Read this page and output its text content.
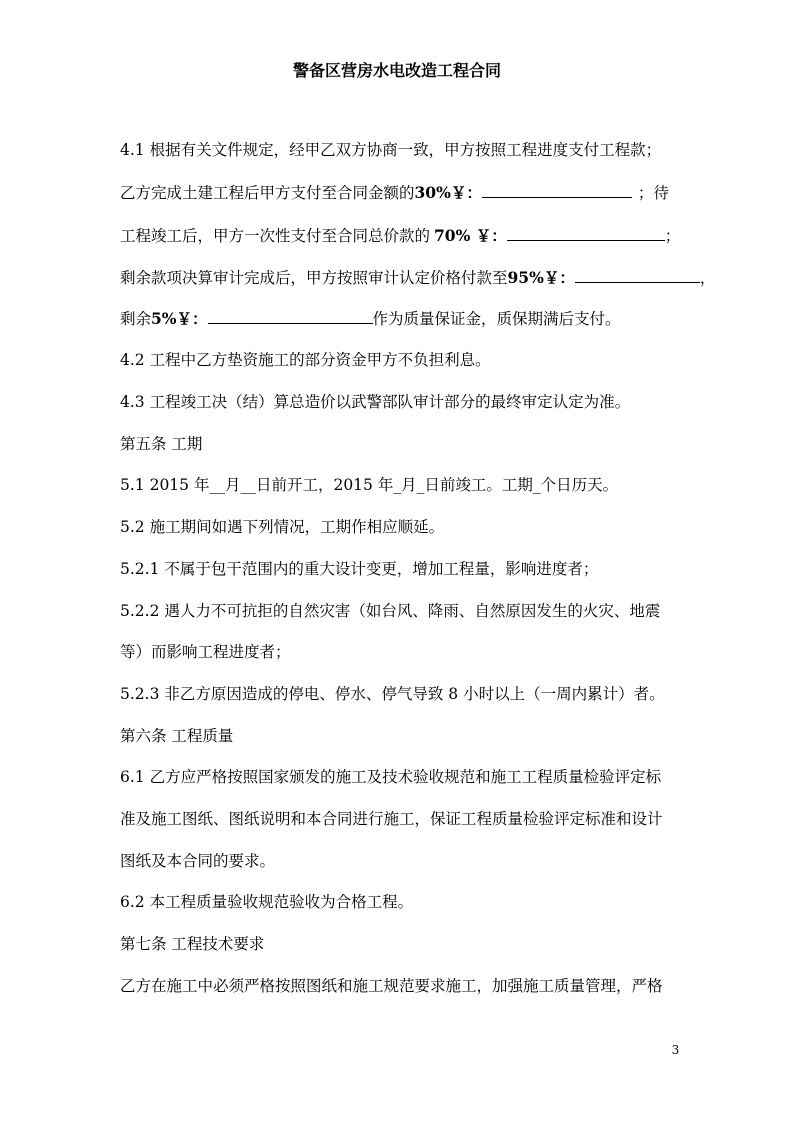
警备区营房水电改造工程合同
4.1 根据有关文件规定，经甲乙双方协商一致，甲方按照工程进度支付工程款；
乙方完成土建工程后甲方支付至合同金额的30%￥：	；待
工程竣工后，甲方一次性支付至合同总价款的 70% ￥：	；
剩余款项决算审计完成后，甲方按照审计认定价格付款至95%￥：	，
剩余5%￥：	作为质量保证金，质保期满后支付。
4.2 工程中乙方垫资施工的部分资金甲方不负担利息。
4.3 工程竣工决（结）算总造价以武警部队审计部分的最终审定认定为准。
第五条 工期
5.1 2015 年__月__日前开工，2015 年_月_日前竣工。工期_个日历天。
5.2 施工期间如遇下列情况，工期作相应顺延。
5.2.1 不属于包干范围内的重大设计变更，增加工程量，影响进度者；
5.2.2 遇人力不可抗拒的自然灾害（如台风、降雨、自然原因发生的火灾、地震
等）而影响工程进度者；
5.2.3 非乙方原因造成的停电、停水、停气导致 8 小时以上（一周内累计）者。
第六条 工程质量
6.1 乙方应严格按照国家颁发的施工及技术验收规范和施工工程质量检验评定标
准及施工图纸、图纸说明和本合同进行施工，保证工程质量检验评定标准和设计
图纸及本合同的要求。
6.2 本工程质量验收规范验收为合格工程。
第七条 工程技术要求
乙方在施工中必须严格按照图纸和施工规范要求施工，加强施工质量管理，严格
3
